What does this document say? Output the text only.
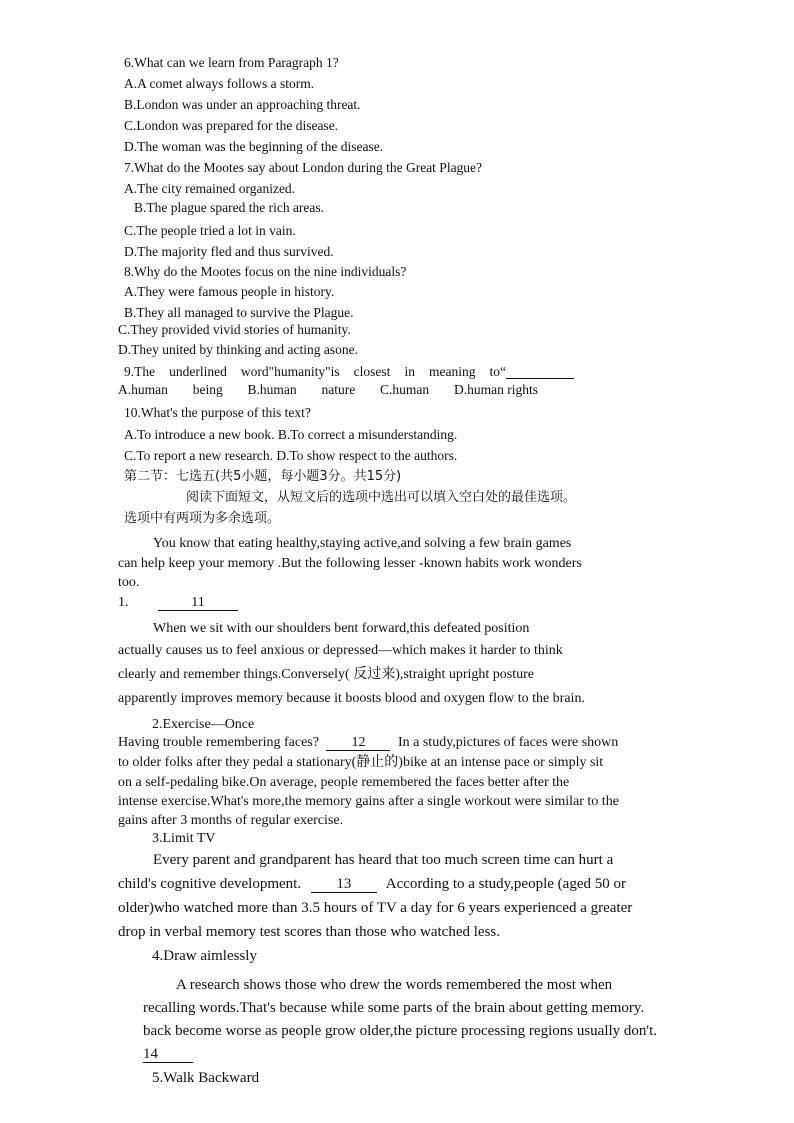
6.What can we learn from Paragraph 1?
A.A comet always follows a storm.
B.London was under an approaching threat.
C.London was prepared for the disease.
D.The woman was the beginning of the disease.
7.What do the Mootes say about London during the Great Plague?
A.The city remained organized.
B.The plague spared the rich areas.
C.The people tried a lot in vain.
D.The majority fled and thus survived.
8.Why do the Mootes focus on the nine individuals?
A.They were famous people in history.
B.They all managed to survive the Plague.
C.They provided vivid stories of humanity.
D.They united by thinking and acting asone.
9.The underlined word"humanity"is closest in meaning to“
A.human being B.human nature C.human D.human rights
10.What's the purpose of this text?
A.To introduce a new book. B.To correct a misunderstanding.
C.To report a new research. D.To show respect to the authors.
第二节：七选五(共5小题，每小题3分。共15分)
阅读下面短文，从短文后的选项中选出可以填入空白处的最佳选项。
选项中有两项为多余选项。
You know that eating healthy,staying active,and solving a few brain games
can help keep your memory .But the following lesser -known habits work wonders
too.
1.	11
When we sit with our shoulders bent forward,this defeated position
actually causes us to feel anxious or depressed—which makes it harder to think
clearly and remember things.Conversely( 反过来),straight upright posture
apparently improves memory because it boosts blood and oxygen flow to the brain.
2.Exercise—Once
Having trouble remembering faces? 12 In a study,pictures of faces were shown
to older folks after they pedal a stationary(静止的)bike at an intense pace or simply sit
on a self-pedaling bike.On average, people remembered the faces better after the
intense exercise.What's more,the memory gains after a single workout were similar to the
gains after 3 months of regular exercise.
3.Limit TV
Every parent and grandparent has heard that too much screen time can hurt a
child's cognitive development. 13 According to a study,people (aged 50 or
older)who watched more than 3.5 hours of TV a day for 6 years experienced a greater
drop in verbal memory test scores than those who watched less.
4.Draw aimlessly
A research shows those who drew the words remembered the most when
recalling words.That's because while some parts of the brain about getting memory.
back become worse as people grow older,the picture processing regions usually don't.
14
5.Walk Backward
